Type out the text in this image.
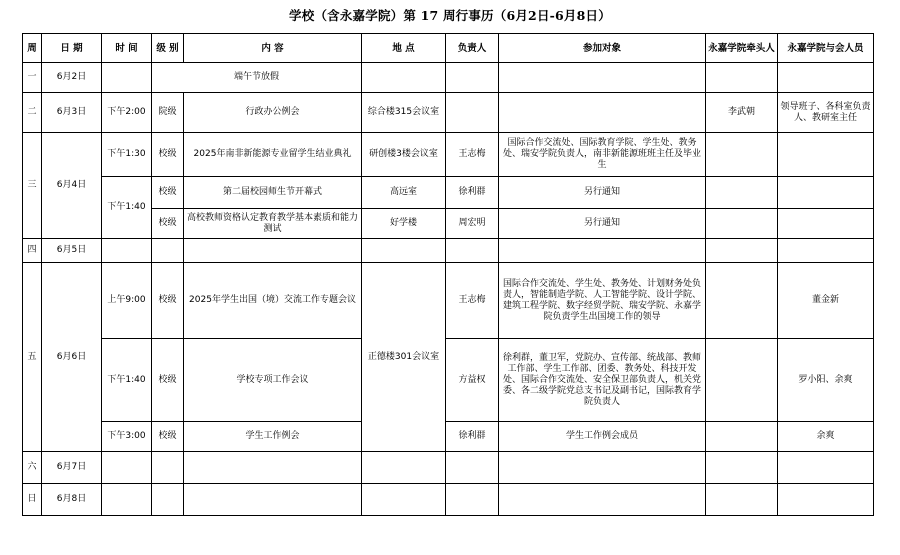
学校（含永嘉学院）第 17 周行事历（6月2日-6月8日）
周	日 期	时 间	级 别	内 容	地 点	负责人	参加对象	永嘉学院牵头人	永嘉学院与会人员
一	6月2日		端午节放假						
二	6月3日	下午2:00	院级	行政办公例会	综合楼315会议室			李武朝	领导班子、各科室负责人、教研室主任
三	6月4日	下午1:30	校级	2025年南非新能源专业留学生结业典礼	研创楼3楼会议室	王志梅	国际合作交流处、国际教育学院、学生处、教务处、瑞安学院负责人，南非新能源班班主任及毕业生		
		下午1:40	校级	第二届校园师生节开幕式	高远室	徐利群	另行通知		
			校级	高校教师资格认定教育教学基本素质和能力测试	好学楼	周宏明	另行通知		
四	6月5日								
五	6月6日	上午9:00	校级	2025年学生出国（境）交流工作专题会议	正德楼301会议室	王志梅	国际合作交流处、学生处、教务处、计划财务处负责人，智能制造学院、人工智能学院、设计学院、建筑工程学院、数字经贸学院、瑞安学院、永嘉学院负责学生出国境工作的领导		董金新
		下午1:40	校级	学校专项工作会议		方益权	徐利群，董卫军，党院办、宣传部、统战部、教师工作部、学生工作部、团委、教务处、科技开发处、国际合作交流处、安全保卫部负责人，机关党委、各二级学院党总支书记及副书记，国际教育学院负责人		罗小阳、余爽
		下午3:00	校级	学生工作例会		徐利群	学生工作例会成员		余爽
六	6月7日								
日	6月8日								
